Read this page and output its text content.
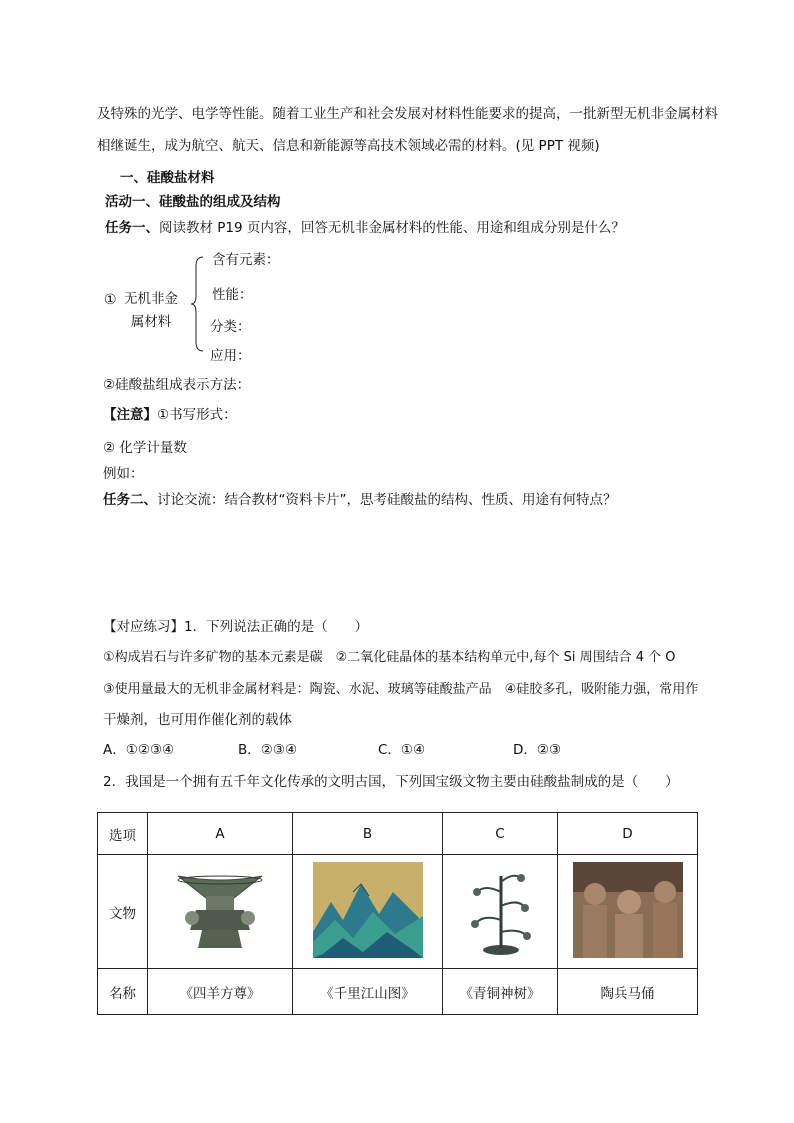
及特殊的光学、电学等性能。随着工业生产和社会发展对材料性能要求的提高，一批新型无机非金属材料
相继诞生，成为航空、航天、信息和新能源等高技术领域必需的材料。(见 PPT 视频)
一、硅酸盐材料
活动一、硅酸盐的组成及结构
任务一、阅读教材 P19 页内容，回答无机非金属材料的性能、用途和组成分别是什么？
① 无机非金
属材料
含有元素：
性能：
分类：
应用：
②硅酸盐组成表示方法：
【注意】①书写形式：
② 化学计量数
例如：
任务二、讨论交流：结合教材“资料卡片”，思考硅酸盐的结构、性质、用途有何特点？
【对应练习】1．下列说法正确的是（　　）
①构成岩石与许多矿物的基本元素是碳　②二氧化硅晶体的基本结构单元中,每个 Si 周围结合 4 个 O
③使用量最大的无机非金属材料是：陶瓷、水泥、玻璃等硅酸盐产品　④硅胶多孔，吸附能力强，常用作
干燥剂，也可用作催化剂的载体
A．①②③④	B．②③④	C．①④	D．②③
2．我国是一个拥有五千年文化传承的文明古国，下列国宝级文物主要由硅酸盐制成的是（　　）
选项	A	B	C	D
文物				
名称	《四羊方尊》	《千里江山图》	《青铜神树》	陶兵马俑
